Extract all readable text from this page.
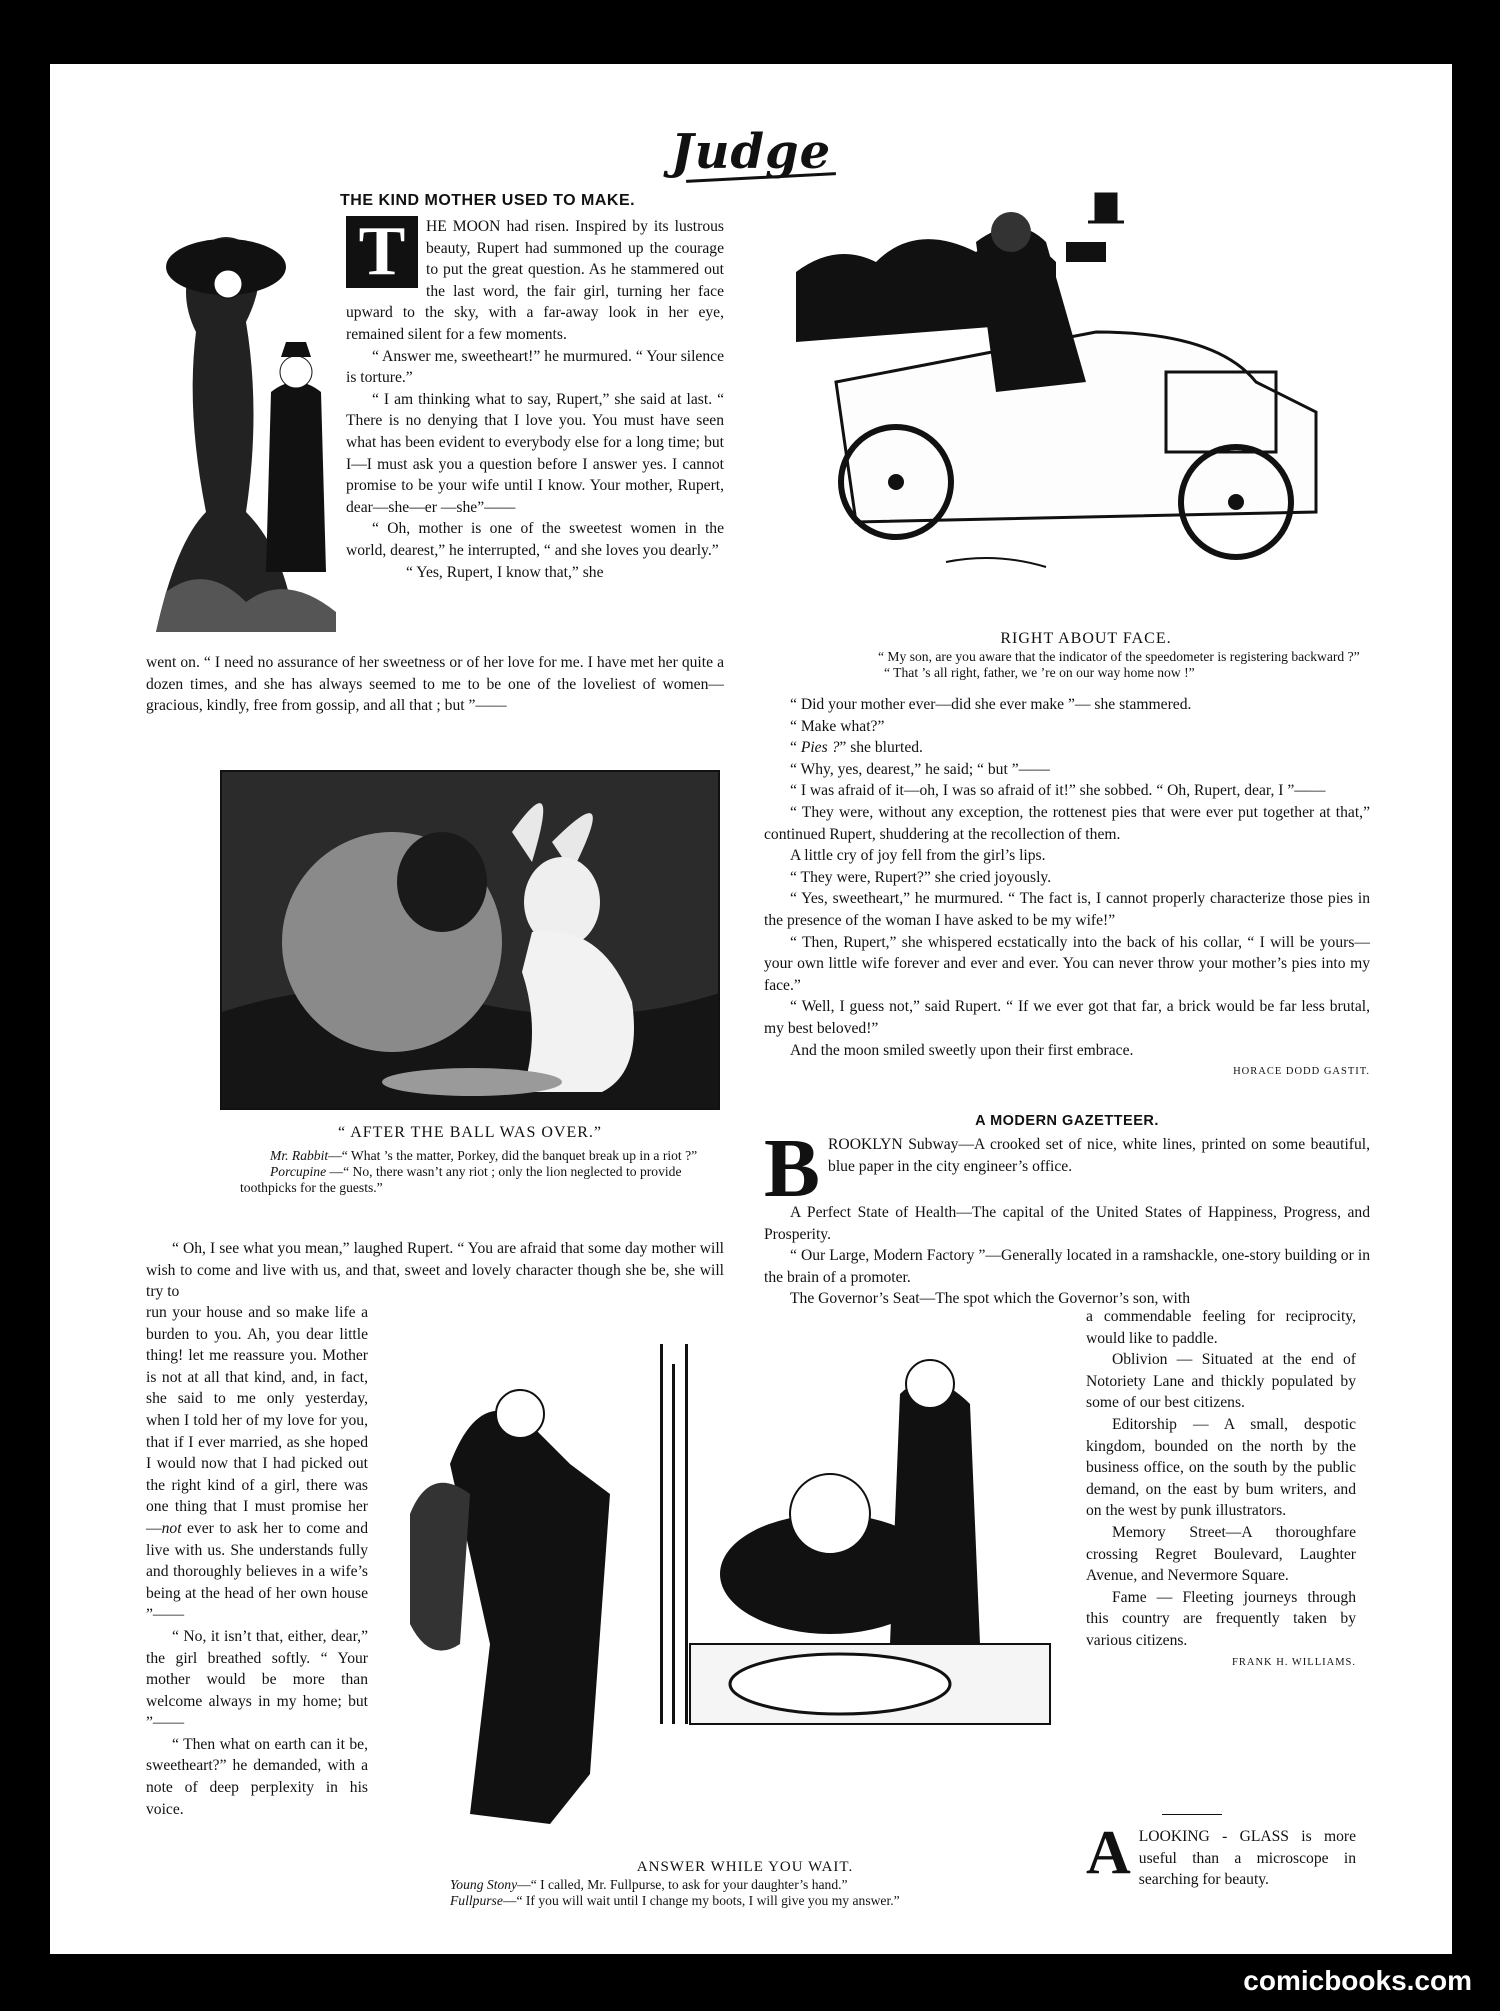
Judge
THE KIND MOTHER USED TO MAKE.

T	HE MOON had risen. Inspired by its lustrous beauty, Rupert had summoned up the courage to put the great question. As he stammered out the last word, the fair girl, turning her face upward to the sky, with a far-away look in her eye, remained silent for a few moments.

“ Answer me, sweetheart!” he murmured. “ Your silence is torture.”

“ I am thinking what to say, Rupert,” she said at last. “ There is no denying that I love you. You must have seen what has been evident to everybody else for a long time; but I—I must ask you a question before I answer yes. I cannot promise to be your wife until I know. Your mother, Rupert, dear—she—er —she”——

“ Oh, mother is one of the sweetest women in the world, dearest,” he interrupted, “ and she loves you dearly.”

“ Yes, Rupert, I know that,” she

went on. “ I need no assurance of her sweetness or of her love for me. I have met her quite a dozen times, and she has always seemed to me to be one of the loveliest of women—gracious, kindly, free from gossip, and all that ; but ”——

“ AFTER THE BALL WAS OVER.”
Mr. Rabbit—“ What ’s the matter, Porkey, did the banquet break up in a riot ?”
Porcupine —“ No, there wasn’t any riot ; only the lion neglected to provide toothpicks for the guests.”

“ Oh, I see what you mean,” laughed Rupert. “ You are afraid that some day mother will wish to come and live with us, and that, sweet and lovely character though she be, she will try to

run your house and so make life a burden to you. Ah, you dear little thing! let me reassure you. Mother is not at all that kind, and, in fact, she said to me only yesterday, when I told her of my love for you, that if I ever married, as she hoped I would now that I had picked out the right kind of a girl, there was one thing that I must promise her—not ever to ask her to come and live with us. She understands fully and thoroughly believes in a wife’s being at the head of her own house ”——

“ No, it isn’t that, either, dear,” the girl breathed softly. “ Your mother would be more than welcome always in my home; but ”——

“ Then what on earth can it be, sweetheart?” he demanded, with a note of deep perplexity in his voice.

RIGHT ABOUT FACE.
“ My son, are you aware that the indicator of the speedometer is registering backward ?”
“ That ’s all right, father, we ’re on our way home now !”

“ Did your mother ever—did she ever make ”— she stammered.

“ Make what?”

“ Pies ?” she blurted.

“ Why, yes, dearest,” he said; “ but ”——

“ I was afraid of it—oh, I was so afraid of it!” she sobbed. “ Oh, Rupert, dear, I ”——

“ They were, without any exception, the rottenest pies that were ever put together at that,” continued Rupert, shuddering at the recollection of them.

A little cry of joy fell from the girl’s lips.

“ They were, Rupert?” she cried joyously.

“ Yes, sweetheart,” he murmured. “ The fact is, I cannot properly characterize those pies in the presence of the woman I have asked to be my wife!”

“ Then, Rupert,” she whispered ecstatically into the back of his collar, “ I will be yours—your own little wife forever and ever and ever. You can never throw your mother’s pies into my face.”

“ Well, I guess not,” said Rupert. “ If we ever got that far, a brick would be far less brutal, my best beloved!”

And the moon smiled sweetly upon their first embrace.

HORACE DODD GASTIT.
A MODERN GAZETTEER.

BROOKLYN Subway—A crooked set of nice, white lines, printed on some beautiful, blue paper in the city engineer’s office.

A Perfect State of Health—The capital of the United States of Happiness, Progress, and Prosperity.

“ Our Large, Modern Factory ”—Generally located in a ramshackle, one-story building or in the brain of a promoter.

The Governor’s Seat—The spot which the Governor’s son, with

a commendable feeling for reciprocity, would like to paddle.

Oblivion — Situated at the end of Notoriety Lane and thickly populated by some of our best citizens.

Editorship — A small, despotic kingdom, bounded on the north by the business office, on the south by the public demand, on the east by bum writers, and on the west by punk illustrators.

Memory Street—A thoroughfare crossing Regret Boulevard, Laughter Avenue, and Nevermore Square.

Fame — Fleeting journeys through this country are frequently taken by various citizens.

FRANK H. WILLIAMS.

ALOOKING - GLASS is more useful than a microscope in searching for beauty.

ANSWER WHILE YOU WAIT.
Young Stony—“ I called, Mr. Fullpurse, to ask for your daughter’s hand.”
Fullpurse—“ If you will wait until I change my boots, I will give you my answer.”
comicbooks.com
